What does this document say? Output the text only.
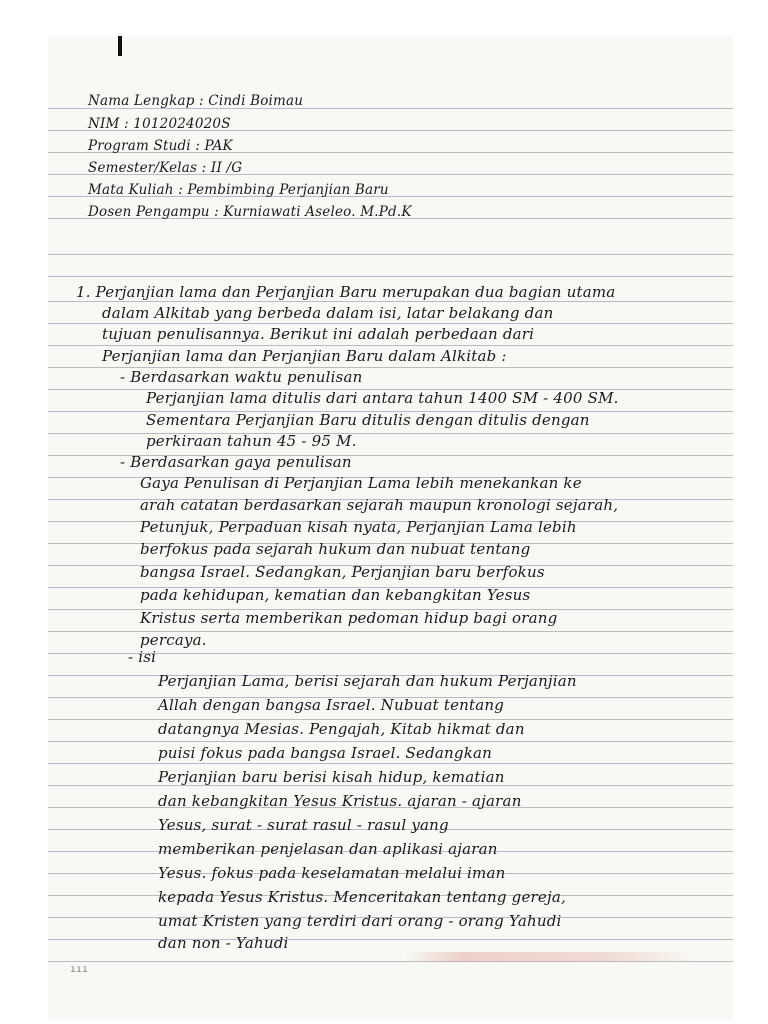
Nama Lengkap : Cindi Boimau
NIM : 1012024020S
Program Studi : PAK
Semester/Kelas : II /G
Mata Kuliah : Pembimbing Perjanjian Baru
Dosen Pengampu : Kurniawati Aseleo. M.Pd.K
1. Perjanjian lama dan Perjanjian Baru merupakan dua bagian utama
dalam Alkitab yang berbeda dalam isi, latar belakang dan
tujuan penulisannya. Berikut ini adalah perbedaan dari
Perjanjian lama dan Perjanjian Baru dalam Alkitab :
- Berdasarkan waktu penulisan
Perjanjian lama ditulis dari antara tahun 1400 SM - 400 SM.
Sementara Perjanjian Baru ditulis dengan ditulis dengan
perkiraan tahun 45 - 95 M.
- Berdasarkan gaya penulisan
Gaya Penulisan di Perjanjian Lama lebih menekankan ke
arah catatan berdasarkan sejarah maupun kronologi sejarah,
Petunjuk, Perpaduan kisah nyata, Perjanjian Lama lebih
berfokus pada sejarah hukum dan nubuat tentang
bangsa Israel. Sedangkan, Perjanjian baru berfokus
pada kehidupan, kematian dan kebangkitan Yesus
Kristus serta memberikan pedoman hidup bagi orang
percaya.
- isi
Perjanjian Lama, berisi sejarah dan hukum Perjanjian
Allah dengan bangsa Israel. Nubuat tentang
datangnya Mesias. Pengajah, Kitab hikmat dan
puisi fokus pada bangsa Israel. Sedangkan
Perjanjian baru berisi kisah hidup, kematian
dan kebangkitan Yesus Kristus. ajaran - ajaran
Yesus, surat - surat rasul - rasul yang
memberikan penjelasan dan aplikasi ajaran
Yesus. fokus pada keselamatan melalui iman
kepada Yesus Kristus. Menceritakan tentang gereja,
umat Kristen yang terdiri dari orang - orang Yahudi
dan non - Yahudi
ııı
